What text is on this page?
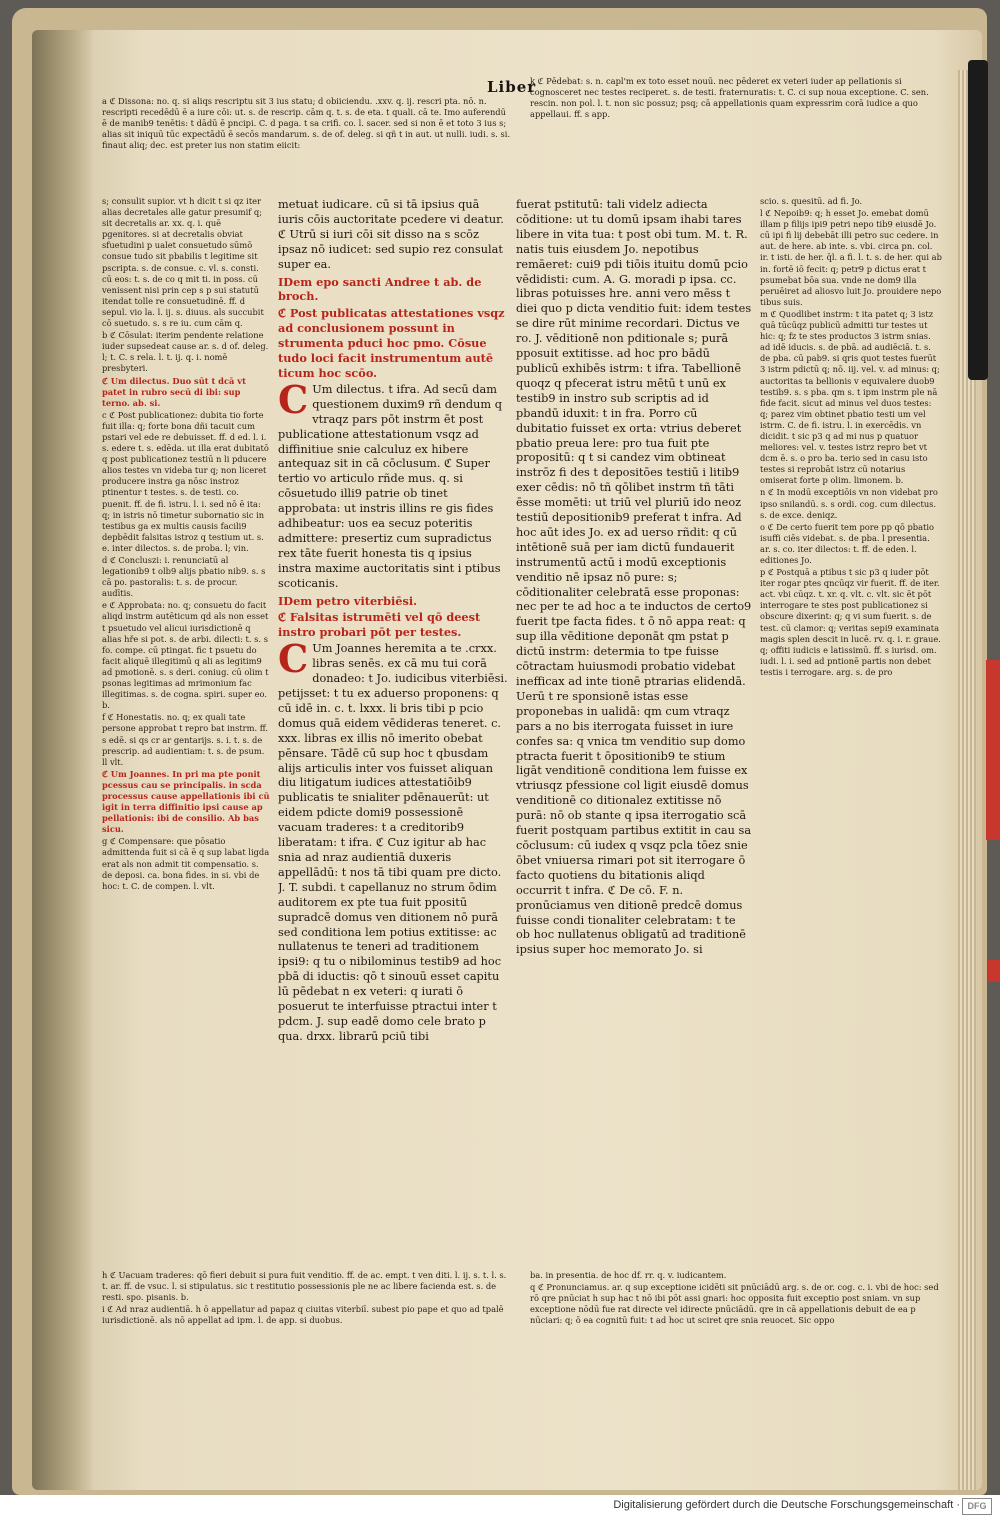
Liber

a ℭ Dissona: no. q. si aliqs rescriptu sit 3 ius statu; d obiiciendu. .xxv. q. ij. rescri pta. nō. n. rescripti recedēdū ē a iure cōi: ut. s. de rescrip. cām q. t. s. de eta. t quali. cā te. Imo auferendū ē de manib9 tenētis: t dādū ē pncipi. C. d paga. t sa crifi. co. l. sacer. sed si non ē et toto 3 ius s; alias sit iniquū tūc expectādū ē secōs mandarum. s. de of. deleg. si qñ t in aut. ut nulli. iudi. s. si. finaut aliq; dec. est preter ius non statim eiicit:

k ℭ Pēdebat: s. n. capl'm ex toto esset nouū. nec pēderet ex veteri iuder ap pellationis si cognosceret nec testes reciperet. s. de testi. fraternuratis: t. C. ci sup noua exceptione. C. sen. rescin. non pol. l. t. non sic possuz; psq; cā appellationis quam expressrim corā iudice a quo appellaui. ff. s app.

s; consulit supior. vt h dicit t si qz iter alias decretales alle gatur presumif q; sit decretalis ar. xx. q. i. quē pgenitores. si at decretalis obviat sfuetudini p ualet consuetudo sūmō consue tudo sit pbabilis t legitime sit pscripta. s. de consue. c. vl. s. consti. cū eos: t. s. de co q mit ti. in poss. cū venissent nisi prin cep s p sui statutū itendat tolle re consuetudinē. ff. d sepul. vio la. l. ij. s. diuus. als succubit cō suetudo. s. s re iu. cum cām q.

b ℭ Cōsulat: iterim pendente relatione iuder supsedeat cause ar. s. d of. deleg. l; t. C. s rela. l. t. ij. q. i. nomē presbyteri.

ℭ Um dilectus. Duo sūt t dcā vt patet in rubro secū di ibi: sup terno. ab. si.

c ℭ Post publicationez: dubita tio forte fuit illa: q; forte bona dñi tacuit cum pstari vel ede re debuisset. ff. d ed. l. i. s. edere t. s. edēda. ut illa erat dubitatō q post publicationez testiū n li pducere alios testes vn videba tur q; non liceret producere instra ga nōsc instroz ptinentur t testes. s. de testi. co. puenit. ff. de fi. istru. l. i. sed nō ē ita: q; in istris nō timetur subornatio sic in testibus ga ex multis causis facili9 depbēdit falsitas istroz q testium ut. s. e. inter dilectos. s. de proba. l; vin.

d ℭ Concluszi: i. renunciatū al legationib9 t olb9 alijs pbatio nib9. s. s cā po. pastoralis: t. s. de procur. audītis.

e ℭ Approbata: no. q; consuetu do facit aliqd instrm autēticum qd als non esset t psuetudo vel alicui iurisdictionē q alias hře si pot. s. de arbi. dilecti: t. s. s fo. compe. cū ptingat. fic t psuetu do facit aliquē illegitimū q ali as legitim9 ad pmotionē. s. s deri. coniug. cū olim t psonas legitimas ad mrimonium fac illegitimas. s. de cogna. spiri. super eo. b.

f ℭ Honestatis. no. q; ex quali tate persone approbat t repro bat instrm. ff. s edē. si qs cr ar gentarijs. s. i. t. s. de prescrip. ad audientiam: t. s. de psum. ll vlt.

ℭ Um Joannes. In pri ma pte ponit pcessus cau se principalis. in scda processus cause appellationis ibi cū igit in terra diffinitio ipsi cause ap pellationis: ibi de consilio. Ab bas sicu.

g ℭ Compensare: que pōsatio admittenda fuit si cā ē q sup labat ligda erat als non admit tit compensatio. s. de deposi. ca. bona fides. in si. vbi de hoc: t. C. de compen. l. vlt.

metuat iudicare. cū si tā ipsius quā iuris cōis auctoritate pcedere vi deatur. ℭ Utrū si iuri cōi sit disso na s scōz ipsaz nō iudicet: sed supio rez consulat super ea.

IDem epo sancti Andree t ab. de broch.

ℭ Post publicatas attestationes vsqz ad conclusionem possunt in strumenta pduci hoc pmo. Cōsue tudo loci facit instrumentum autē ticum hoc scōo.

C Um dilectus. t ifra. Ad secū dam questionem duxim9 rñ dendum q vtraqz pars pōt instrm ēt post publicatione attestationum vsqz ad diffinitiue snie calculuz ex hibere antequaz sit in cā cōclusum. ℭ Super tertio vo articulo rñde mus. q. si cōsuetudo illi9 patrie ob tinet approbata: ut instris illins re gis fides adhibeatur: uos ea secuz poteritis admittere: presertiz cum supradictus rex tāte fuerit honesta tis q ipsius instra maxime auctoritatis sint i ptibus scoticanis.

IDem petro viterbiēsi.

ℭ Falsitas istrumēti vel qō deest instro probari pōt per testes.

C Um Joannes heremita a te .crxx. libras senēs. ex cā mu tui corā donadeo: t Jo. iudicibus viterbiēsi. petijsset: t tu ex aduerso proponens: q cū idē in. c. t. lxxx. li bris tibi p pcio domus quā eidem vēdideras teneret. c. xxx. libras ex illis nō imerito obebat pēnsare. Tādē cū sup hoc t qbusdam alijs articulis inter vos fuisset aliquan diu litigatum iudices attestatiōib9 publicatis te snialiter pdēnauerūt: ut eidem pdicte domi9 possessionē vacuam traderes: t a creditorib9 liberatam: t ifra. ℭ Cuz igitur ab hac snia ad nraz audientiā duxeris appellādū: t nos tā tibi quam pre dicto. J. T. subdi. t capellanuz no strum ōdim auditorem ex pte tua fuit ppositū supradcē domus ven ditionem nō purā sed conditiona lem potius extitisse: ac nullatenus te teneri ad traditionem ipsi9: q tu o nibilominus testib9 ad hoc pbā di iductis: qō t sinouū esset capitu lū pēdebat n ex veteri: q iurati ō posuerut te interfuisse ptractui inter t pdcm. J. sup eadē domo cele brato p qua. drxx. librarū pciū tibi

fuerat pstitutū: tali videlz adiecta cōditione: ut tu domū ipsam ihabi tares libere in vita tua: t post obi tum. M. t. R. natis tuis eiusdem Jo. nepotibus remāeret: cui9 pdi tiōis ituitu domū pcio vēdidisti: cum. A. G. moradi p ipsa. cc. libras potuisses hre. anni vero mēss t diei quo p dicta venditio fuit: idem testes se dire rūt minime recordari. Dictus ve ro. J. vēditionē non pditionale s; purā pposuit extitisse. ad hoc pro bādū publicū exhibēs istrm: t ifra. Tabellionē quoqz q pfecerat istru mētū t unū ex testib9 in instro sub scriptis ad id pbandū iduxit: t in fra. Porro cū dubitatio fuisset ex orta: vtrius deberet pbatio preua lere: pro tua fuit pte propositū: q t si candez vim obtineat instrōz fi des t depositōes testiū i litib9 exer cēdis: nō tñ qōlibet instrm tñ tāti ēsse momēti: ut triū vel pluriū ido neoz testiū depositionib9 preferat t infra. Ad hoc aūt ides Jo. ex ad uerso rñdit: q cū intētionē suā per iam dictū fundauerit instrumentū actū i modū exceptionis venditio nē ipsaz nō pure: s; cōditionaliter celebratā esse proponas: nec per te ad hoc a te inductos de certo9 fuerit tpe facta fides. t ō nō appa reat: q sup illa vēditione deponāt qm pstat p dictū instrm: determia to tpe fuisse cōtractam huiusmodi probatio videbat inefficax ad inte tionē ptrarias elidendā. Uerū t re sponsionē istas esse proponebas in ualidā: qm cum vtraqz pars a no bis iterrogata fuisset in iure confes sa: q vnica tm venditio sup domo ptracta fuerit t ōpositionib9 te stium ligāt venditionē conditiona lem fuisse ex vtriusqz pfessione col ligit eiusdē domus venditionē co ditionalez extitisse nō purā: nō ob stante q ipsa iterrogatio scā fuerit postquam partibus extitit in cau sa cōclusum: cū iudex q vsqz pcla tōez snie ōbet vniuersa rimari pot sit iterrogare ō facto quotiens du bitationis aliqd occurrit t infra. ℭ De cō. F. n. pronūciamus ven ditionē predcē domus fuisse condi tionaliter celebratam: t te ob hoc nullatenus obligatū ad traditionē ipsius super hoc memorato Jo. si

scio. s. quesitū. ad fi. Jo.

l ℭ Nepoib9: q; h esset Jo. emebat domū illam p filijs ipi9 petri nepo tib9 eiusdē Jo. cū ipi fi lij debebāt illi petro suc cedere. in aut. de here. ab inte. s. vbi. circa pn. col. ir. t isti. de her. q̄l. a fi. l. t. s. de her. qui ab in. fortē iō fecit: q; petr9 p dictus erat t psumebat bōa sua. vnde ne dom9 illa peruēiret ad aliosvo luit Jo. prouidere nepo tibus suis.

m ℭ Quodlibet instrm: t ita patet q; 3 istz quā tūcūqz publicū admitti tur testes ut hic: q; fz te stes productos 3 istrm snias. ad idē iducis. s. de pbā. ad audiēciā. t. s. de pba. cū pab9. si qris quot testes fuerūt 3 istrm pdictū q; nō. iij. vel. v. ad minus: q; auctoritas ta bellionis v equivalere duob9 testib9. s. s pba. qm s. t ipm instrm ple nā fide facit. sicut ad minus vel duos testes: q; parez vim obtinet pbatio testi um vel istrm. C. de fi. istru. l. in exercēdis. vn dicidit. t sic p3 q ad mi nus p quatuor meliores: vel. v. testes istrz repro bet vt dcm ē. s. o pro ba. terio sed in casu isto testes si reprobāt istrz cū notarius omiserat forte p olim. limonem. b.

n ℭ In modū exceptiōis vn non videbat pro ipso snilandū. s. s ordi. cog. cum dilectus. s. de exce. deniqz.

o ℭ De certo fuerit tem pore pp qō pbatio isuffi ciēs videbat. s. de pba. l presentia. ar. s. co. iter dilectos: t. ff. de eden. l. editiones Jo.

p ℭ Postquā a ptibus t sic p3 q iuder pōt iter rogar ptes qncūqz vir fuerit. ff. de iter. act. vbi cūqz. t. xr. q. vlt. c. vlt. sic ēt pōt interrogare te stes post publicationez si obscure dixerint: q; q vi sum fuerit. s. de test. cū clamor: q; veritas sepi9 examinata magis splen descit in lucē. rv. q. i. r. graue. q; offiti iudicis e latissimū. ff. s iurisd. om. iudi. l. i. sed ad pntionē partis non debet testis i terrogare. arg. s. de pro

h ℭ Uacuam traderes: qō fieri debuit si pura fuit venditio. ff. de ac. empt. t ven diti. l. ij. s. t. l. s. t. ar. ff. de vsuc. l. si stipulatus. sic t restitutio possessionis ple ne ac libere facienda est. s. de resti. spo. pisanis. b.

i ℭ Ad nraz audientiā. h ō appellatur ad papaz q ciuitas viterbiī. subest pio pape et quo ad tpalē iurisdictionē. als nō appellat ad ipm. l. de app. si duobus.

ba. in presentia. de hoc df. rr. q. v. iudicantem.

q ℭ Pronunciamus. ar. q sup exceptione icidēti sit pnūciādū arg. s. de or. cog. c. i. vbi de hoc: sed rō qre pnūciat h sup hac t nō ibi pōt assi gnari: hoc opposita fuit exceptio post sniam. vn sup exceptione nōdū fue rat directe vel idirecte pnūciādū. qre in cā appellationis debuit de ea p nūciari: q; ō ea cognitū fuit: t ad hoc ut sciret qre snia reuocet. Sic oppo

Digitalisierung gefördert durch die Deutsche Forschungsgemeinschaft · DFG
